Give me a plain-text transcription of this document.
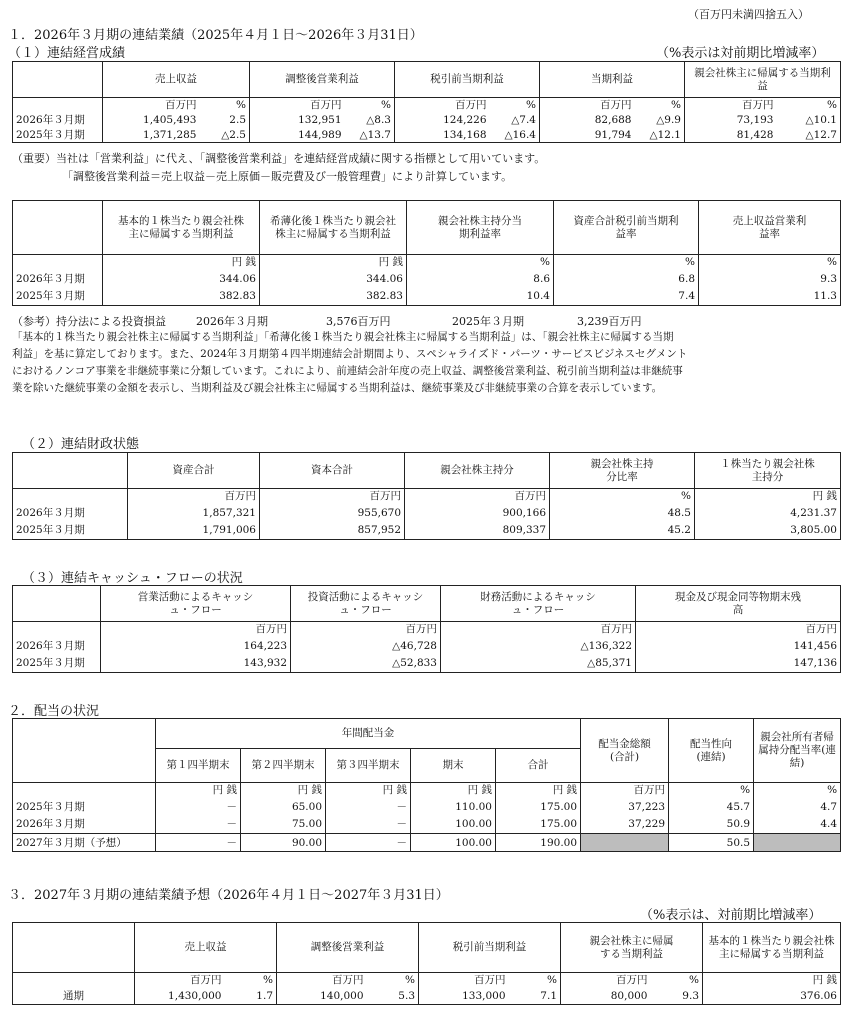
（百万円未満四捨五入）
１．2026年３月期の連結業績（2025年４月１日～2026年３月31日）
（１）連結経営成績	（%表示は対前期比増減率）
	売上収益		調整後営業利益		税引前当期利益		当期利益		親会社株主に帰属する当期利益	
	百万円	%	百万円	%	百万円	%	百万円	%	百万円	%
2026年３月期	1,405,493	2.5	132,951	△8.3	124,226	△7.4	82,688	△9.9	73,193	△10.1
2025年３月期	1,371,285	△2.5	144,989	△13.7	134,168	△16.4	91,794	△12.1	81,428	△12.7
（重要）当社は「営業利益」に代え、「調整後営業利益」を連結経営成績に関する指標として用いています。
「調整後営業利益＝売上収益－売上原価－販売費及び一般管理費」により計算しています。
	基本的１株当たり親会社株主に帰属する当期利益	希薄化後１株当たり親会社株主に帰属する当期利益	親会社株主持分当期利益率	資産合計税引前当期利益率	売上収益営業利益率
	円 銭	円 銭	%	%	%
2026年３月期	344.06	344.06	8.6	6.8	9.3
2025年３月期	382.83	382.83	10.4	7.4	11.3
（参考）持分法による投資損益	2026年３月期	3,576百万円	2025年３月期	3,239百万円
「基本的１株当たり親会社株主に帰属する当期利益」「希薄化後１株当たり親会社株主に帰属する当期利益」は、「親会社株主に帰属する当期
利益」を基に算定しております。また、2024年３月期第４四半期連結会計期間より、スペシャライズド・パーツ・サービスビジネスセグメント
におけるノンコア事業を非継続事業に分類しています。これにより、前連結会計年度の売上収益、調整後営業利益、税引前当期利益は非継続事
業を除いた継続事業の金額を表示し、当期利益及び親会社株主に帰属する当期利益は、継続事業及び非継続事業の合算を表示しています。
（２）連結財政状態
	資産合計	資本合計	親会社株主持分	親会社株主持分比率	１株当たり親会社株主持分
	百万円	百万円	百万円	%	円 銭
2026年３月期	1,857,321	955,670	900,166	48.5	4,231.37
2025年３月期	1,791,006	857,952	809,337	45.2	3,805.00
（３）連結キャッシュ・フローの状況
	営業活動によるキャッシュ・フロー	投資活動によるキャッシュ・フロー	財務活動によるキャッシュ・フロー	現金及び現金同等物期末残高
	百万円	百万円	百万円	百万円
2026年３月期	164,223	△46,728	△136,322	141,456
2025年３月期	143,932	△52,833	△85,371	147,136
２．配当の状況
	年間配当金					配当金総額(合計)	配当性向(連結)	親会社所有者帰属持分配当率(連結)
	第１四半期末	第２四半期末	第３四半期末	期末	合計			
	円 銭	円 銭	円 銭	円 銭	円 銭	百万円	%	%
2025年３月期	－	65.00	－	110.00	175.00	37,223	45.7	4.7
2026年３月期	－	75.00	－	100.00	175.00	37,229	50.9	4.4
2027年３月期（予想）	－	90.00	－	100.00	190.00		50.5	
３．2027年３月期の連結業績予想（2026年４月１日～2027年３月31日）
（%表示は、対前期比増減率）
	売上収益		調整後営業利益		税引前当期利益		親会社株主に帰属する当期利益		基本的１株当たり親会社株主に帰属する当期利益
	百万円	%	百万円	%	百万円	%	百万円	%	円 銭
通期	1,430,000	1.7	140,000	5.3	133,000	7.1	80,000	9.3	376.06
